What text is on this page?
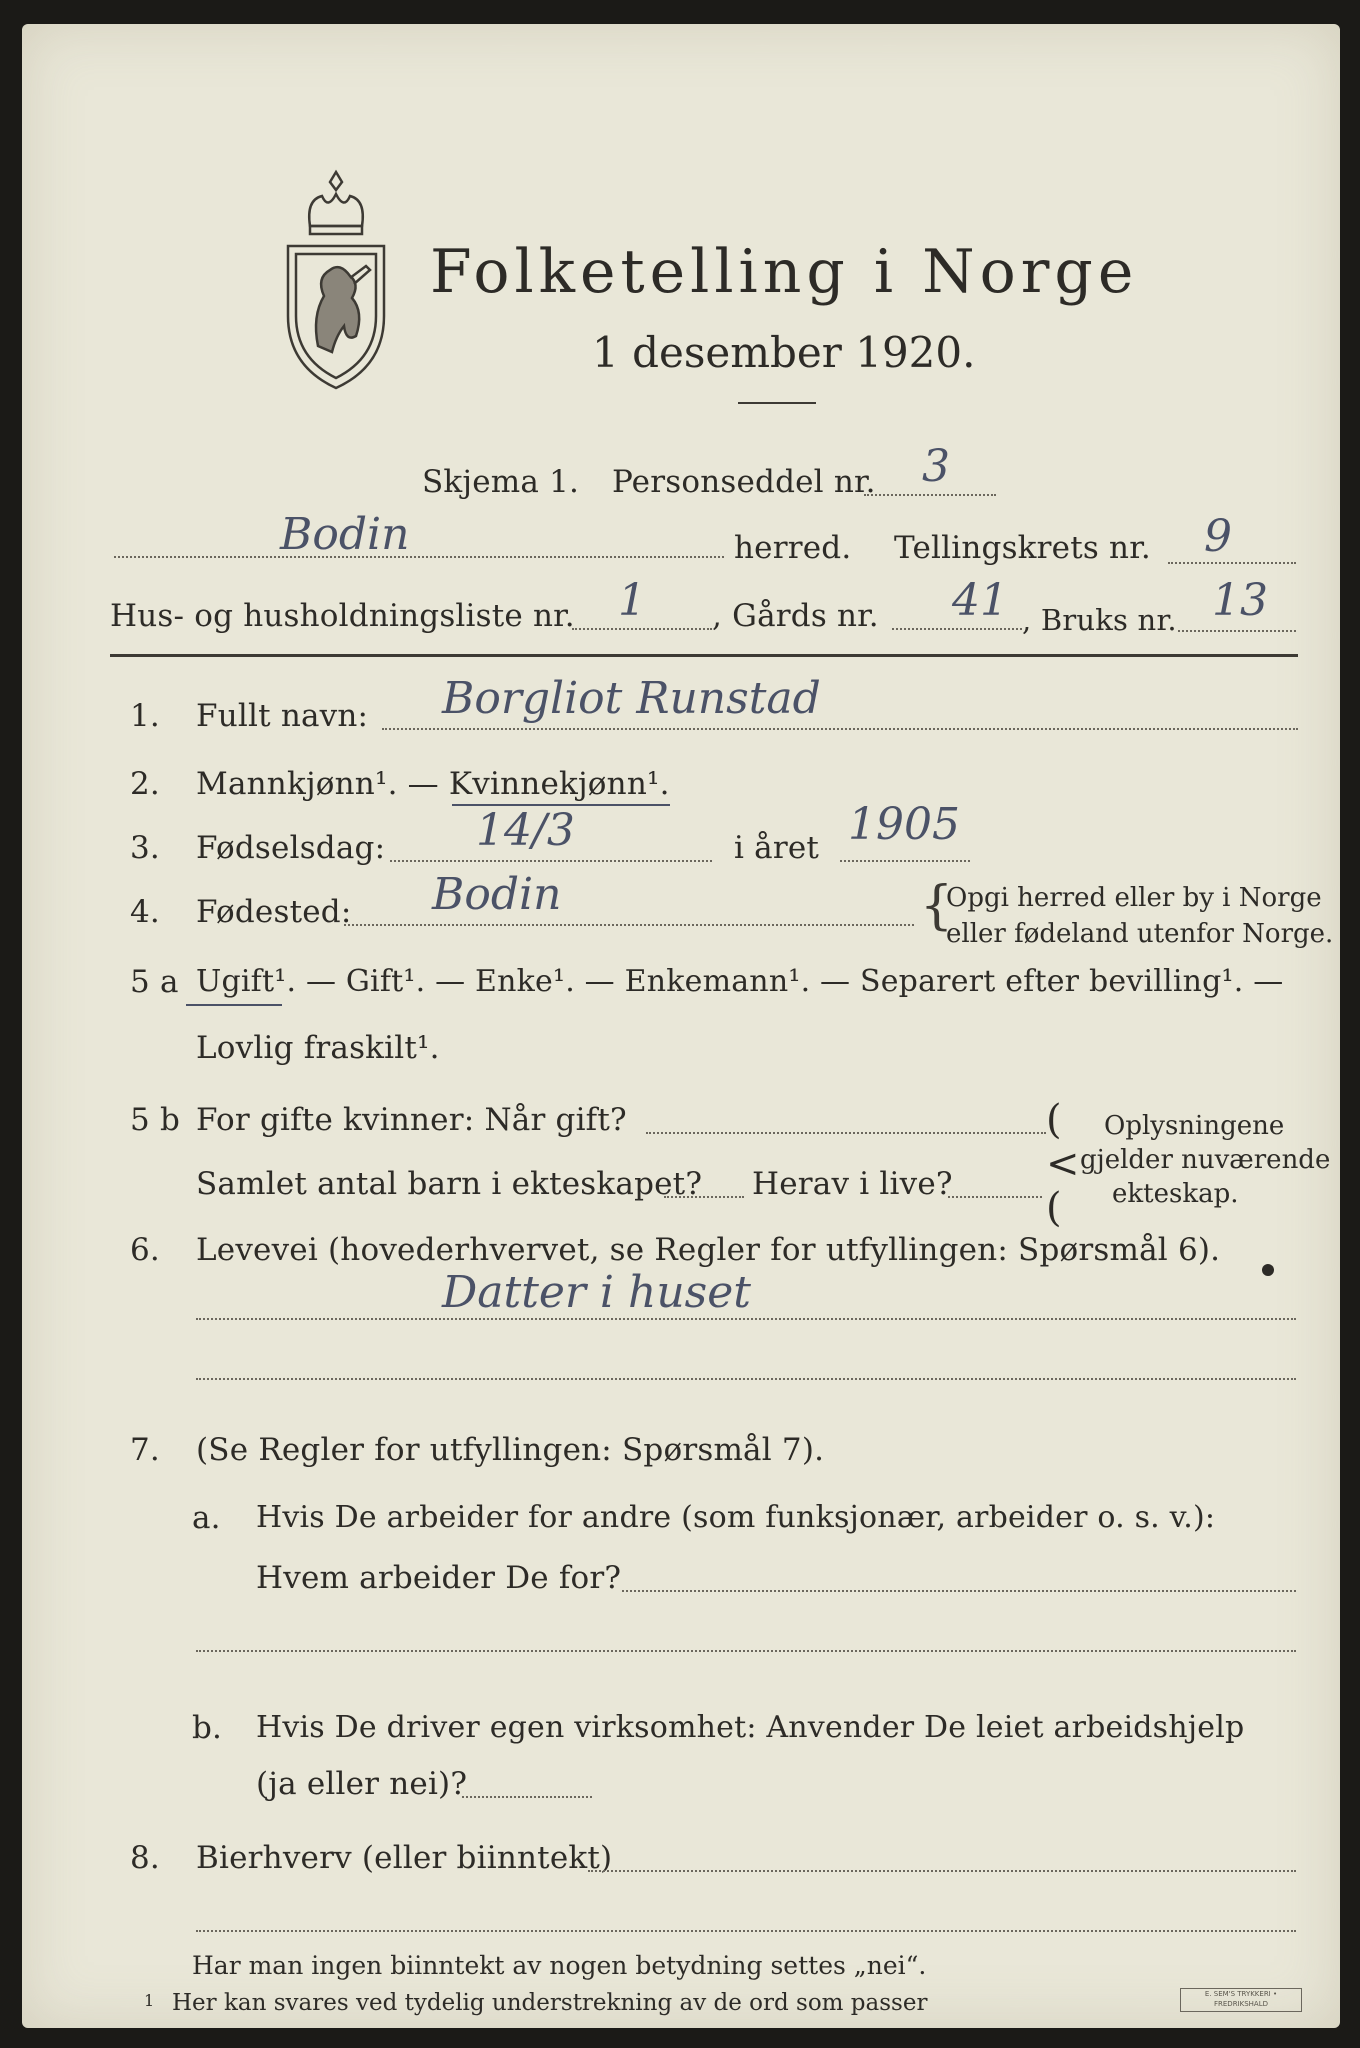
Folketelling i Norge
1 desember 1920.
Skjema 1. Personseddel nr. 3
Bodin	herred. Tellingskrets nr. 9
Hus- og husholdningsliste nr. 1 , Gårds nr. 41 , Bruks nr. 13
1. Fullt navn: Borgliot Runstad
2. Mannkjønn¹. — Kvinnekjønn¹.
3. Fødselsdag: 14/3	i året 1905
4. Fødested: Bodin	{
Opgi herred eller by i Norge
eller fødeland utenfor Norge.
5 a Ugift¹. — Gift¹. — Enke¹. — Enkemann¹. — Separert efter bevilling¹. —
Lovlig fraskilt¹.
5 b For gifte kvinner: Når gift?
Samlet antal barn i ekteskapet? Herav i live?
(
<
(
Oplysningene
gjelder nuværende
ekteskap.
6. Levevei (hovederhvervet, se Regler for utfyllingen: Spørsmål 6).
Datter i huset
7. (Se Regler for utfyllingen: Spørsmål 7).
a. Hvis De arbeider for andre (som funksjonær, arbeider o. s. v.):
Hvem arbeider De for?
b. Hvis De driver egen virksomhet: Anvender De leiet arbeidshjelp
(ja eller nei)?
8. Bierhverv (eller biinntekt)
Har man ingen biinntekt av nogen betydning settes „nei“.
1 Her kan svares ved tydelig understrekning av de ord som passer	E. SEM'S TRYKKERI • FREDRIKSHALD
